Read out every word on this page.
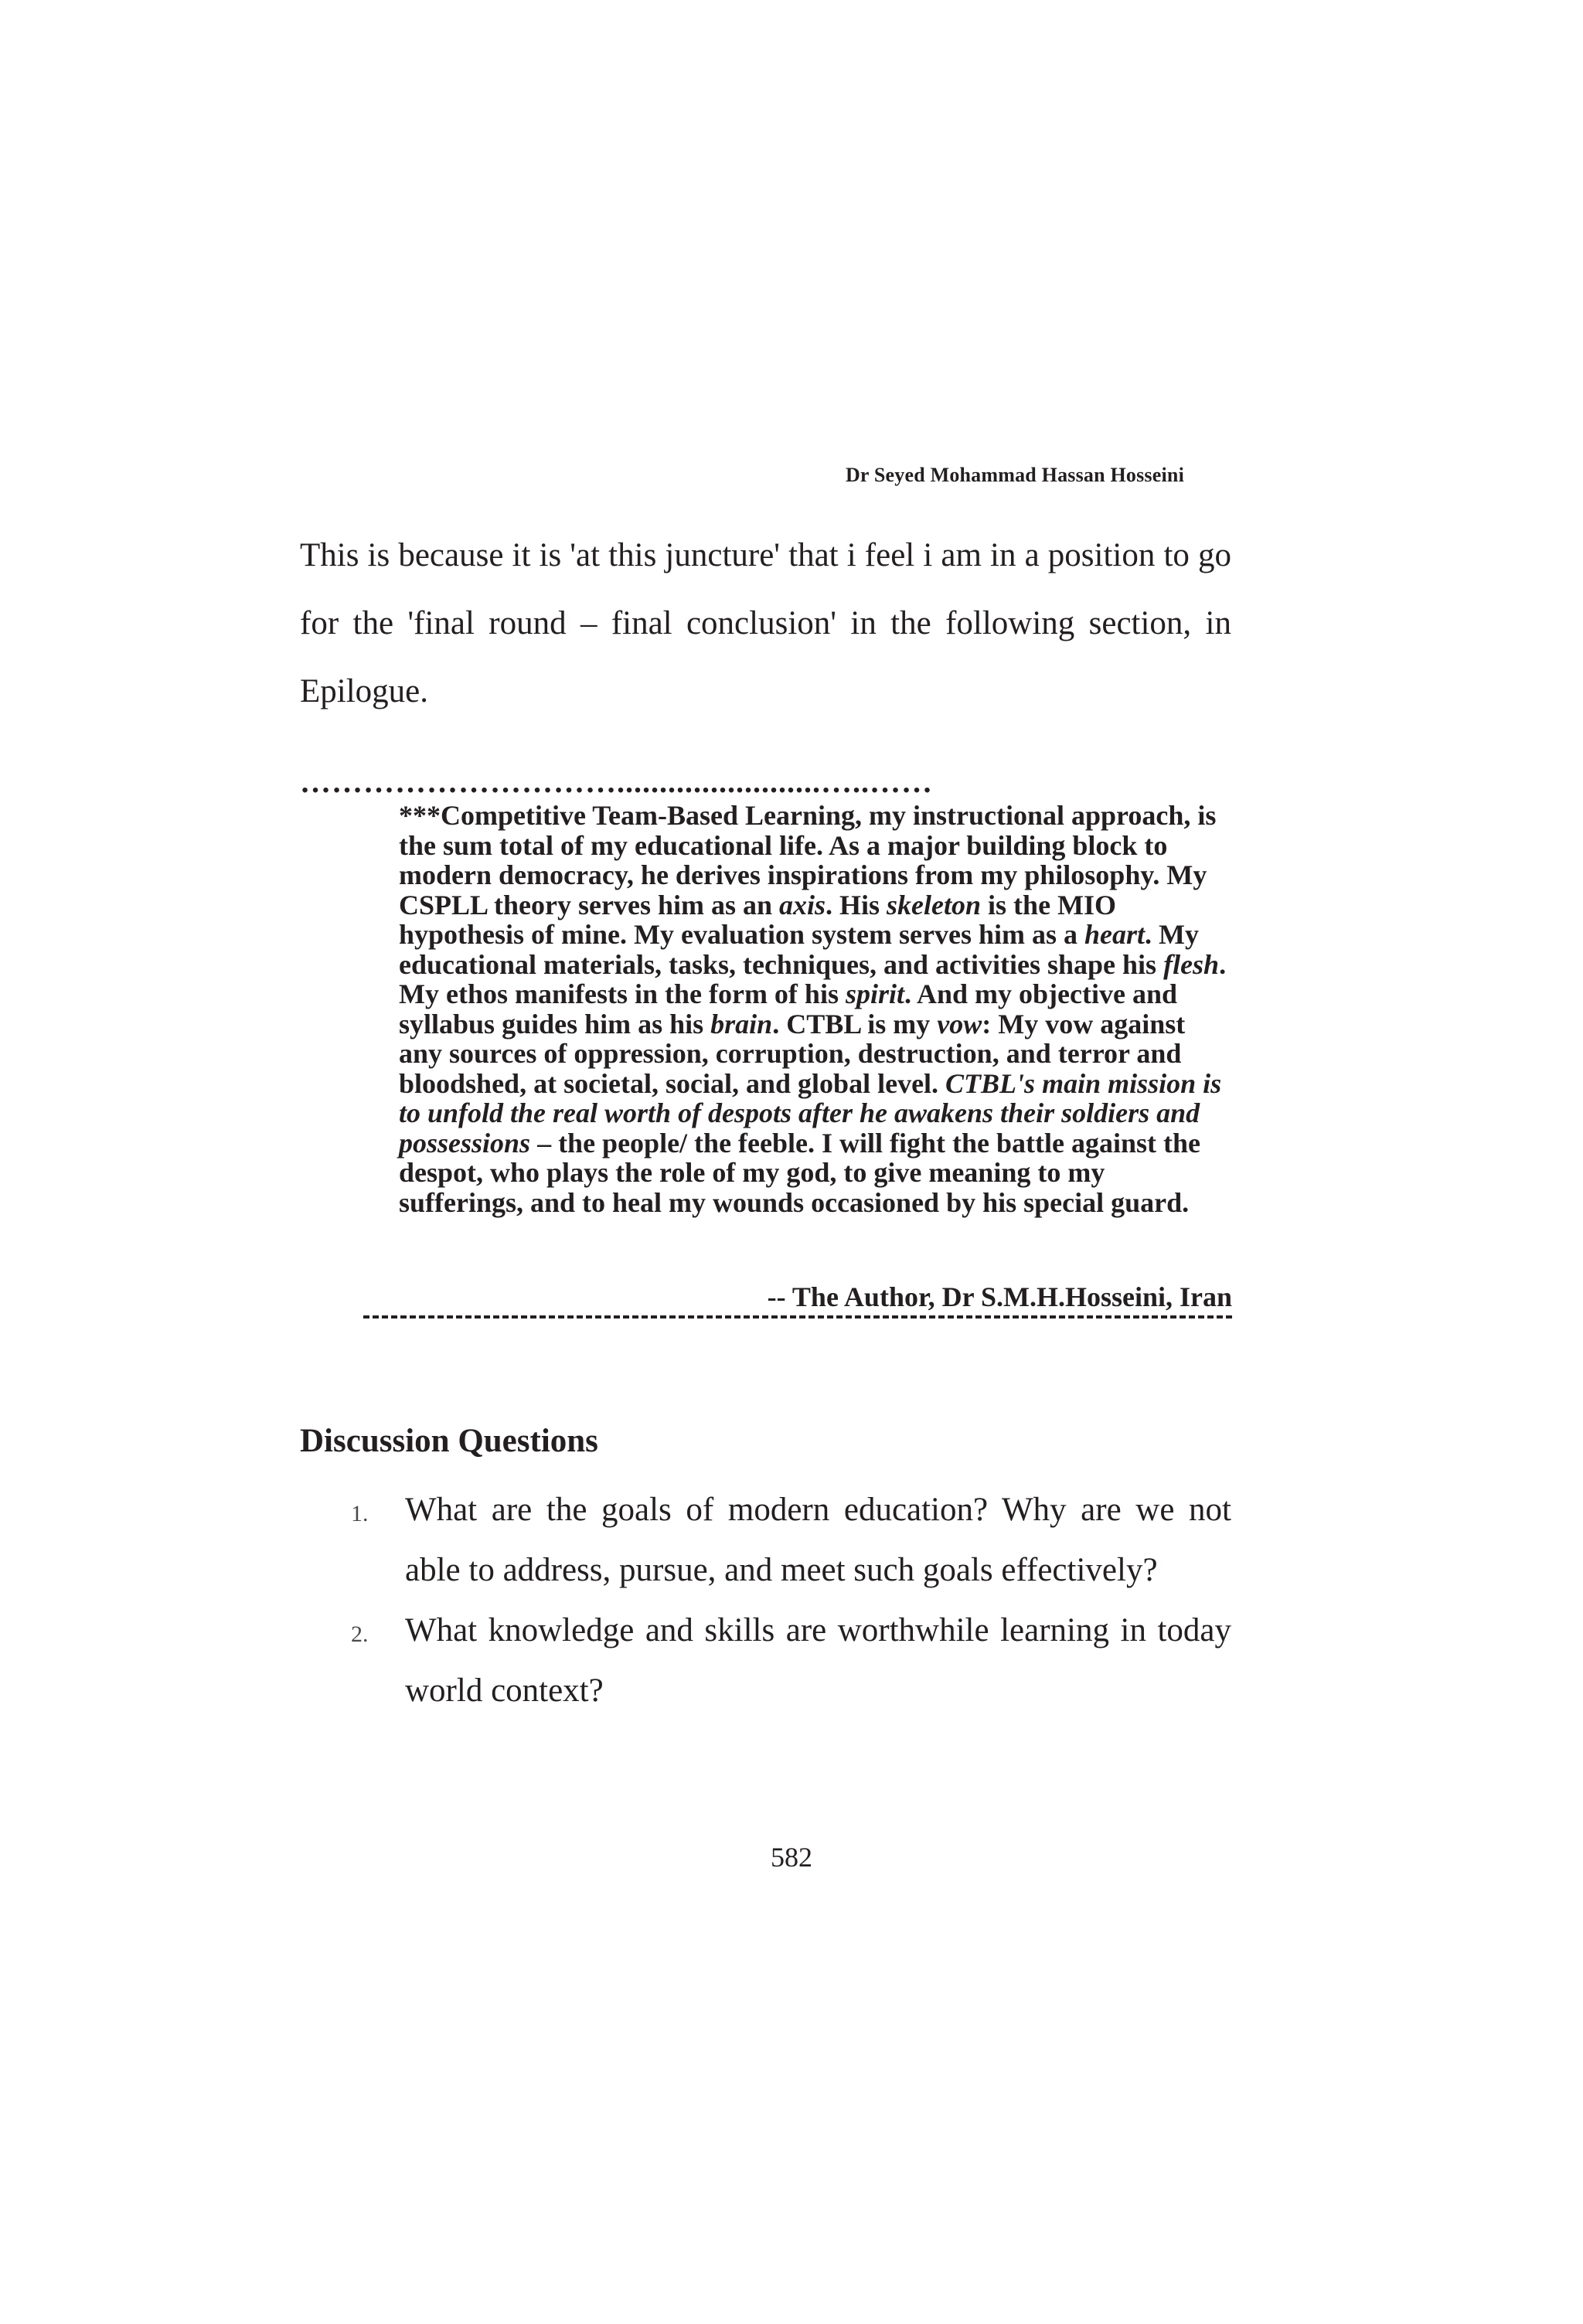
Dr Seyed Mohammad Hassan Hosseini

This is because it is 'at this juncture' that i feel i am in a position to go for the 'final round – final conclusion' in the following section, in Epilogue.

…………………………........................…..……

***Competitive Team-Based Learning, my instructional approach, is the sum total of my educational life. As a major building block to modern democracy, he derives inspirations from my philosophy. My CSPLL theory serves him as an axis. His skeleton is the MIO hypothesis of mine. My evaluation system serves him as a heart. My educational materials, tasks, techniques, and activities shape his flesh. My ethos manifests in the form of his spirit. And my objective and syllabus guides him as his brain. CTBL is my vow: My vow against any sources of oppression, corruption, destruction, and terror and bloodshed, at societal, social, and global level. CTBL's main mission is to unfold the real worth of despots after he awakens their soldiers and possessions – the people/ the feeble. I will fight the battle against the despot, who plays the role of my god, to give meaning to my sufferings, and to heal my wounds occasioned by his special guard.

-- The Author, Dr S.M.H.Hosseini, Iran
Discussion Questions
1. What are the goals of modern education? Why are we not able to address, pursue, and meet such goals effectively?
2. What knowledge and skills are worthwhile learning in today world context?
582
